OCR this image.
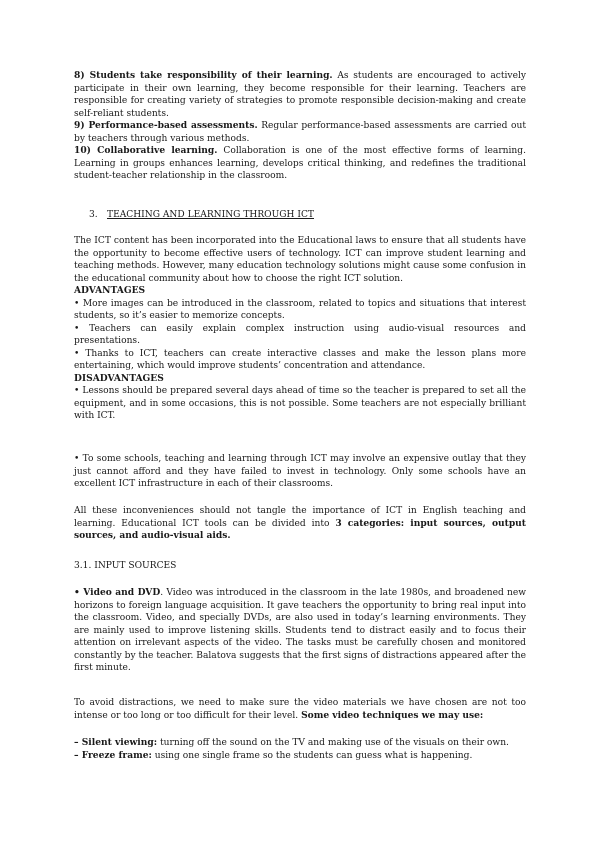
8) Students take responsibility of their learning. As students are encouraged to actively participate in their own learning, they become responsible for their learning. Teachers are responsible for creating variety of strategies to promote responsible decision-making and create self-reliant students.
9) Performance-based assessments. Regular performance-based assessments are carried out by teachers through various methods.
10) Collaborative learning. Collaboration is one of the most effective forms of learning. Learning in groups enhances learning, develops critical thinking, and redefines the traditional student-teacher relationship in the classroom.
3. TEACHING AND LEARNING THROUGH ICT
The ICT content has been incorporated into the Educational laws to ensure that all students have the opportunity to become effective users of technology. ICT can improve student learning and teaching methods. However, many education technology solutions might cause some confusion in the educational community about how to choose the right ICT solution.
ADVANTAGES
• More images can be introduced in the classroom, related to topics and situations that interest students, so it’s easier to memorize concepts.
• Teachers can easily explain complex instruction using audio-visual resources and presentations.
• Thanks to ICT, teachers can create interactive classes and make the lesson plans more entertaining, which would improve students’ concentration and attendance.
DISADVANTAGES
• Lessons should be prepared several days ahead of time so the teacher is prepared to set all the equipment, and in some occasions, this is not possible. Some teachers are not especially brilliant with ICT.
• To some schools, teaching and learning through ICT may involve an expensive outlay that they just cannot afford and they have failed to invest in technology. Only some schools have an excellent ICT infrastructure in each of their classrooms.
All these inconveniences should not tangle the importance of ICT in English teaching and learning. Educational ICT tools can be divided into 3 categories: input sources, output sources, and audio-visual aids.
3.1. INPUT SOURCES
• Video and DVD. Video was introduced in the classroom in the late 1980s, and broadened new horizons to foreign language acquisition. It gave teachers the opportunity to bring real input into the classroom. Video, and specially DVDs, are also used in today’s learning environments. They are mainly used to improve listening skills. Students tend to distract easily and to focus their attention on irrelevant aspects of the video. The tasks must be carefully chosen and monitored constantly by the teacher. Balatova suggests that the first signs of distractions appeared after the first minute.
To avoid distractions, we need to make sure the video materials we have chosen are not too intense or too long or too difficult for their level. Some video techniques we may use:
– Silent viewing: turning off the sound on the TV and making use of the visuals on their own.
– Freeze frame: using one single frame so the students can guess what is happening.
